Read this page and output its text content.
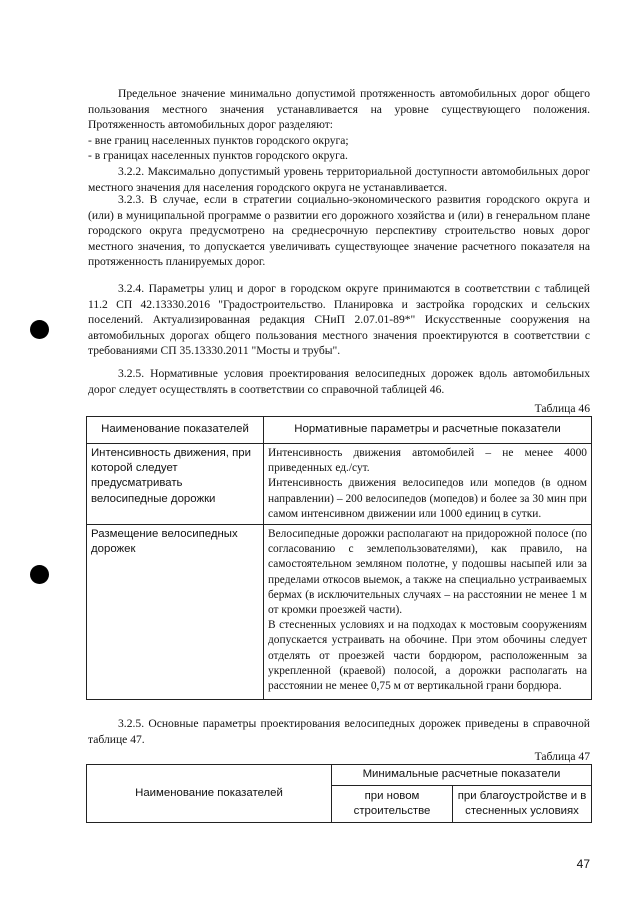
Предельное значение минимально допустимой протяженность автомобильных дорог общего пользования местного значения устанавливается на уровне существующего положения. Протяженность автомобильных дорог разделяют:

- вне границ населенных пунктов городского округа;

- в границах населенных пунктов городского округа.

3.2.2. Максимально допустимый уровень территориальной доступности автомобильных дорог местного значения для населения городского округа не устанавливается.

3.2.3. В случае, если в стратегии социально-экономического развития городского округа и (или) в муниципальной программе о развитии его дорожного хозяйства и (или) в генеральном плане городского округа предусмотрено на среднесрочную перспективу строительство новых дорог местного значения, то допускается увеличивать существующее значение расчетного показателя на протяженность планируемых дорог.

3.2.4. Параметры улиц и дорог в городском округе принимаются в соответствии с таблицей 11.2 СП 42.13330.2016 "Градостроительство. Планировка и застройка городских и сельских поселений. Актуализированная редакция СНиП 2.07.01-89*" Искусственные сооружения на автомобильных дорогах общего пользования местного значения проектируются в соответствии с требованиями СП 35.13330.2011 "Мосты и трубы".

3.2.5. Нормативные условия проектирования велосипедных дорожек вдоль автомобильных дорог следует осуществлять в соответствии со справочной таблицей 46.

Таблица 46
Наименование показателей	Нормативные параметры и расчетные показатели
Интенсивность движения, при которой следует предусматривать велосипедные дорожки	Интенсивность движения автомобилей – не менее 4000 приведенных ед./сут.
Интенсивность движения велосипедов или мопедов (в одном направлении) – 200 велосипедов (мопедов) и более за 30 мин при самом интенсивном движении или 1000 единиц в сутки.

Размещение велосипедных дорожек	Велосипедные дорожки располагают на придорожной полосе (по согласованию с землепользователями), как правило, на самостоятельном земляном полотне, у подошвы насыпей или за пределами откосов выемок, а также на специально устраиваемых бермах (в исключительных случаях – на расстоянии не менее 1 м от кромки проезжей части).
В стесненных условиях и на подходах к мостовым сооружениям допускается устраивать на обочине. При этом обочины следует отделять от проезжей части бордюром, расположенным за укрепленной (краевой) полосой, а дорожки располагать на расстоянии не менее 0,75 м от вертикальной грани бордюра.

3.2.5. Основные параметры проектирования велосипедных дорожек приведены в справочной таблице 47.

Таблица 47
Наименование показателей	Минимальные расчетные показатели	
	при новом строительстве	при благоустройстве и в стесненных условиях
47
